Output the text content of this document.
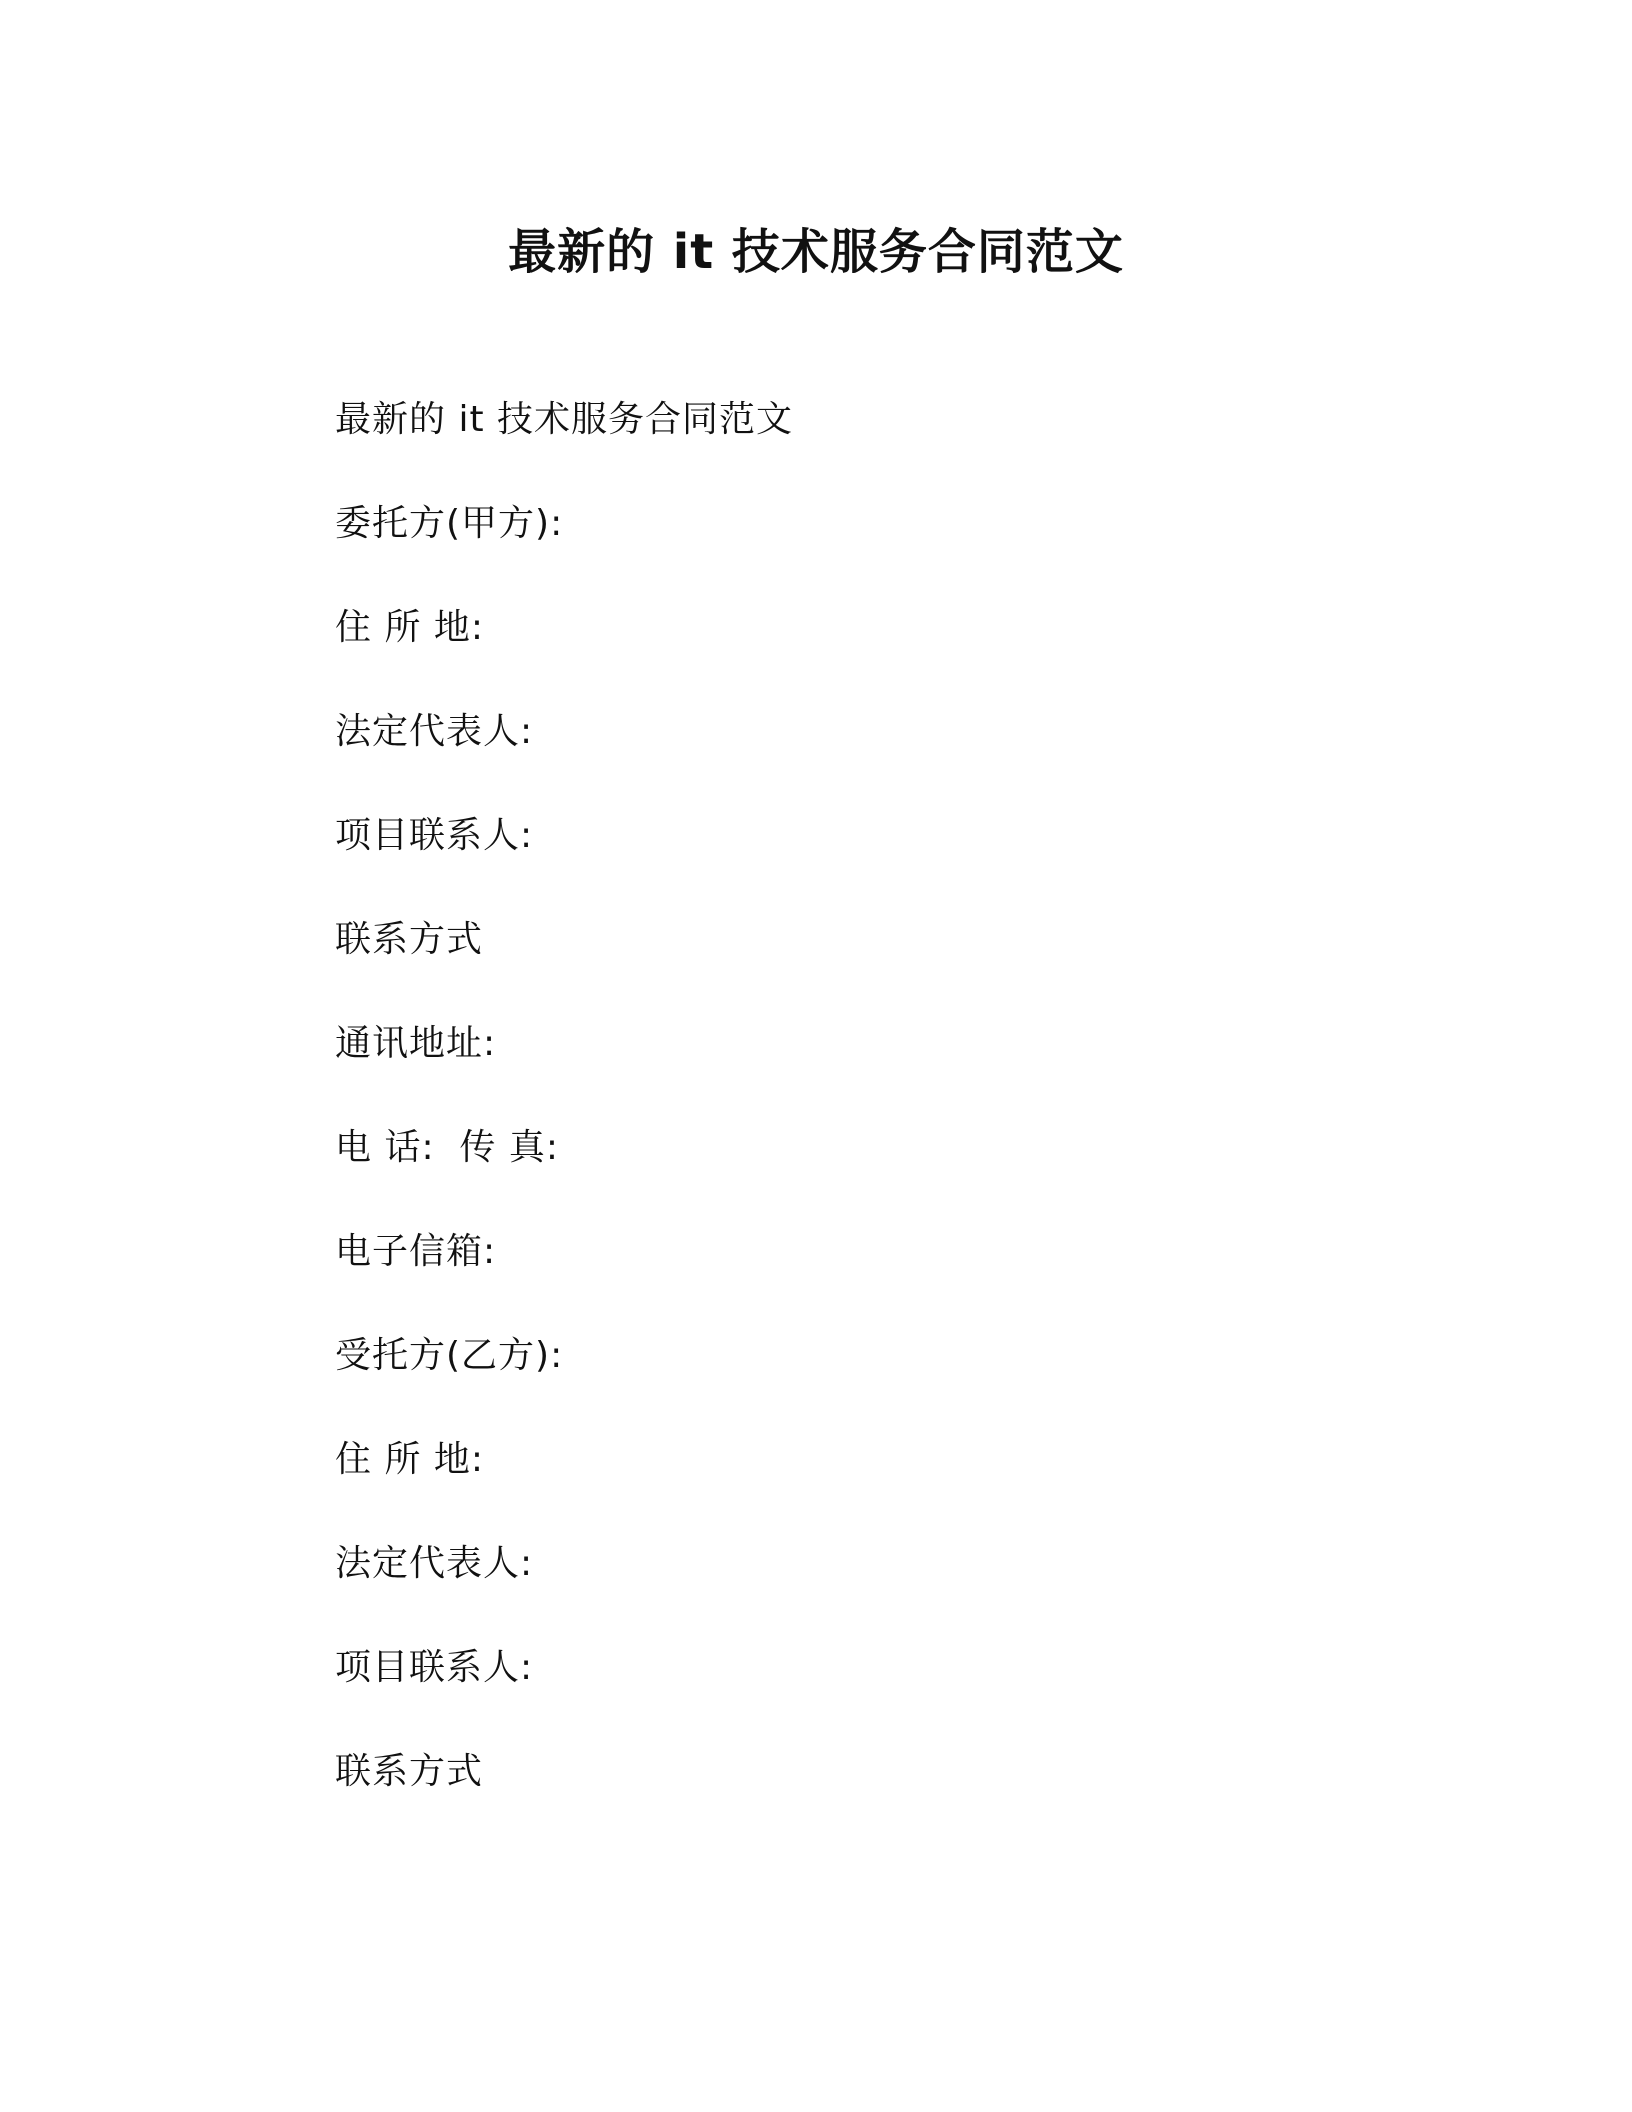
最新的 it 技术服务合同范文
最新的 it 技术服务合同范文
委托方(甲方):
住 所 地:
法定代表人:
项目联系人:
联系方式
通讯地址:
电 话:  传 真:
电子信箱:
受托方(乙方):
住 所 地:
法定代表人:
项目联系人:
联系方式
